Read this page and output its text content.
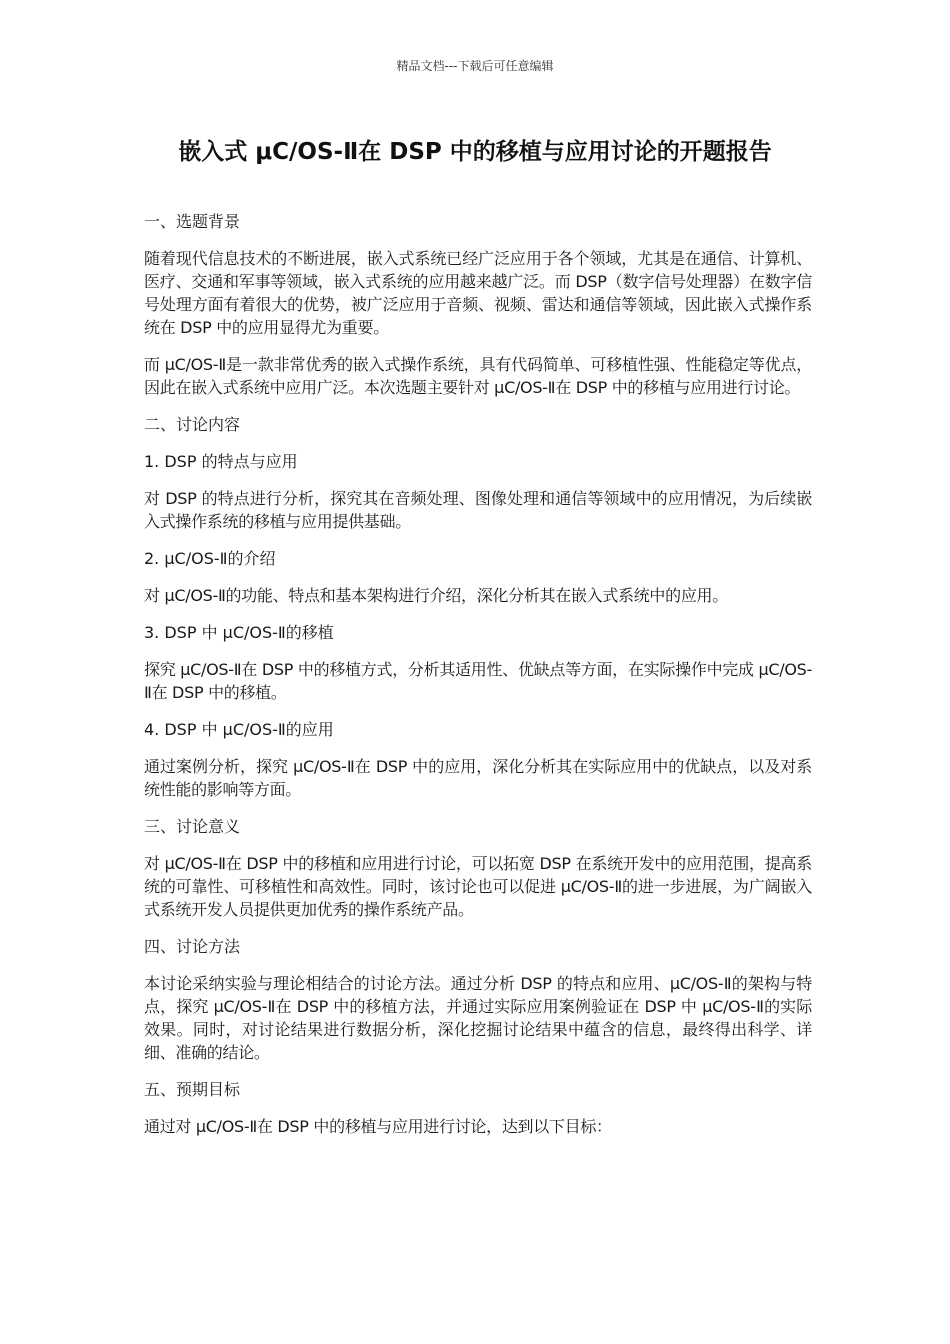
精品文档---下载后可任意编辑
嵌入式 μC/OS-Ⅱ在 DSP 中的移植与应用讨论的开题报告
一、选题背景
随着现代信息技术的不断进展，嵌入式系统已经广泛应用于各个领域，尤其是在通信、计算机、医疗、交通和军事等领域，嵌入式系统的应用越来越广泛。而 DSP（数字信号处理器）在数字信号处理方面有着很大的优势，被广泛应用于音频、视频、雷达和通信等领域，因此嵌入式操作系统在 DSP 中的应用显得尤为重要。
而 μC/OS-Ⅱ是一款非常优秀的嵌入式操作系统，具有代码简单、可移植性强、性能稳定等优点，因此在嵌入式系统中应用广泛。本次选题主要针对 μC/OS-Ⅱ在 DSP 中的移植与应用进行讨论。
二、讨论内容
1. DSP 的特点与应用
对 DSP 的特点进行分析，探究其在音频处理、图像处理和通信等领域中的应用情况，为后续嵌入式操作系统的移植与应用提供基础。
2. μC/OS-Ⅱ的介绍
对 μC/OS-Ⅱ的功能、特点和基本架构进行介绍，深化分析其在嵌入式系统中的应用。
3. DSP 中 μC/OS-Ⅱ的移植
探究 μC/OS-Ⅱ在 DSP 中的移植方式，分析其适用性、优缺点等方面，在实际操作中完成 μC/OS-Ⅱ在 DSP 中的移植。
4. DSP 中 μC/OS-Ⅱ的应用
通过案例分析，探究 μC/OS-Ⅱ在 DSP 中的应用，深化分析其在实际应用中的优缺点，以及对系统性能的影响等方面。
三、讨论意义
对 μC/OS-Ⅱ在 DSP 中的移植和应用进行讨论，可以拓宽 DSP 在系统开发中的应用范围，提高系统的可靠性、可移植性和高效性。同时，该讨论也可以促进 μC/OS-Ⅱ的进一步进展，为广阔嵌入式系统开发人员提供更加优秀的操作系统产品。
四、讨论方法
本讨论采纳实验与理论相结合的讨论方法。通过分析 DSP 的特点和应用、μC/OS-Ⅱ的架构与特点，探究 μC/OS-Ⅱ在 DSP 中的移植方法，并通过实际应用案例验证在 DSP 中 μC/OS-Ⅱ的实际效果。同时，对讨论结果进行数据分析，深化挖掘讨论结果中蕴含的信息，最终得出科学、详细、准确的结论。
五、预期目标
通过对 μC/OS-Ⅱ在 DSP 中的移植与应用进行讨论，达到以下目标：
